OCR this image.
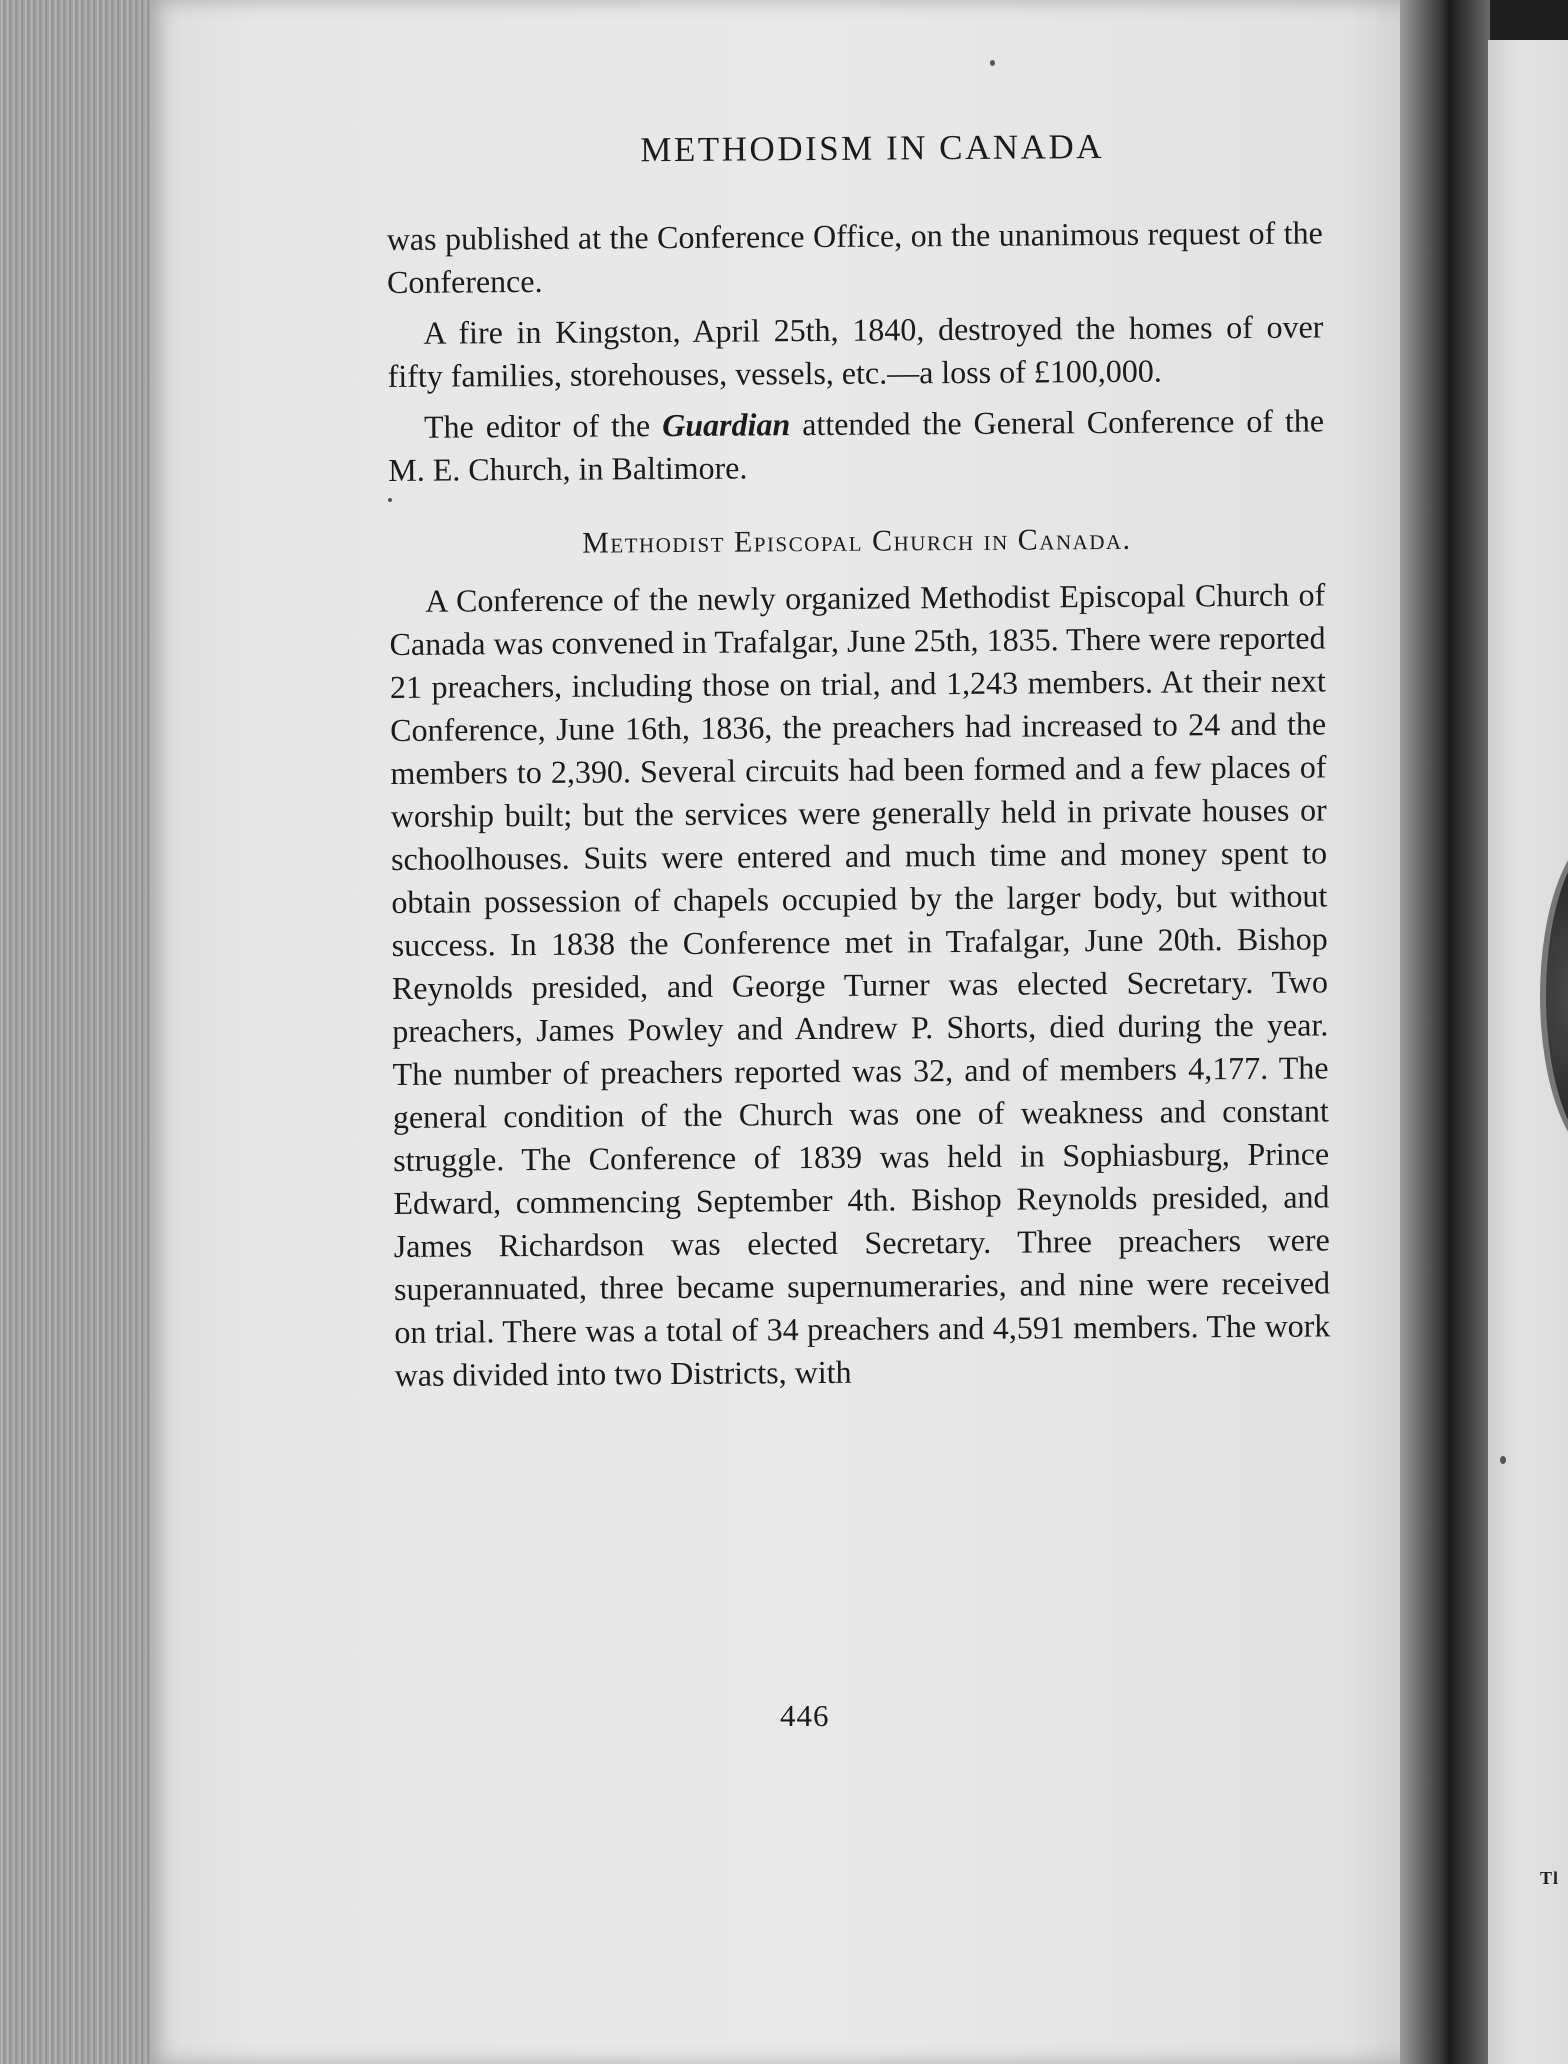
Tl
METHODISM IN CANADA

was published at the Conference Office, on the unanimous request of the Conference.

A fire in Kingston, April 25th, 1840, destroyed the homes of over fifty families, storehouses, vessels, etc.—a loss of £100,000.

The editor of the Guardian attended the General Conference of the M. E. Church, in Baltimore.

Methodist Episcopal Church in Canada.

A Conference of the newly organized Methodist Episcopal Church of Canada was convened in Trafalgar, June 25th, 1835. There were reported 21 preachers, including those on trial, and 1,243 members. At their next Conference, June 16th, 1836, the preachers had increased to 24 and the members to 2,390. Several circuits had been formed and a few places of worship built; but the services were generally held in private houses or schoolhouses. Suits were entered and much time and money spent to obtain possession of chapels occupied by the larger body, but without success. In 1838 the Conference met in Trafalgar, June 20th. Bishop Reynolds presided, and George Turner was elected Secretary. Two preachers, James Powley and Andrew P. Shorts, died during the year. The number of preachers reported was 32, and of members 4,177. The general condition of the Church was one of weakness and constant struggle. The Conference of 1839 was held in Sophiasburg, Prince Edward, commencing September 4th. Bishop Reynolds presided, and James Richardson was elected Secretary. Three preachers were superannuated, three became supernumeraries, and nine were received on trial. There was a total of 34 preachers and 4,591 members. The work was divided into two Districts, with

446
